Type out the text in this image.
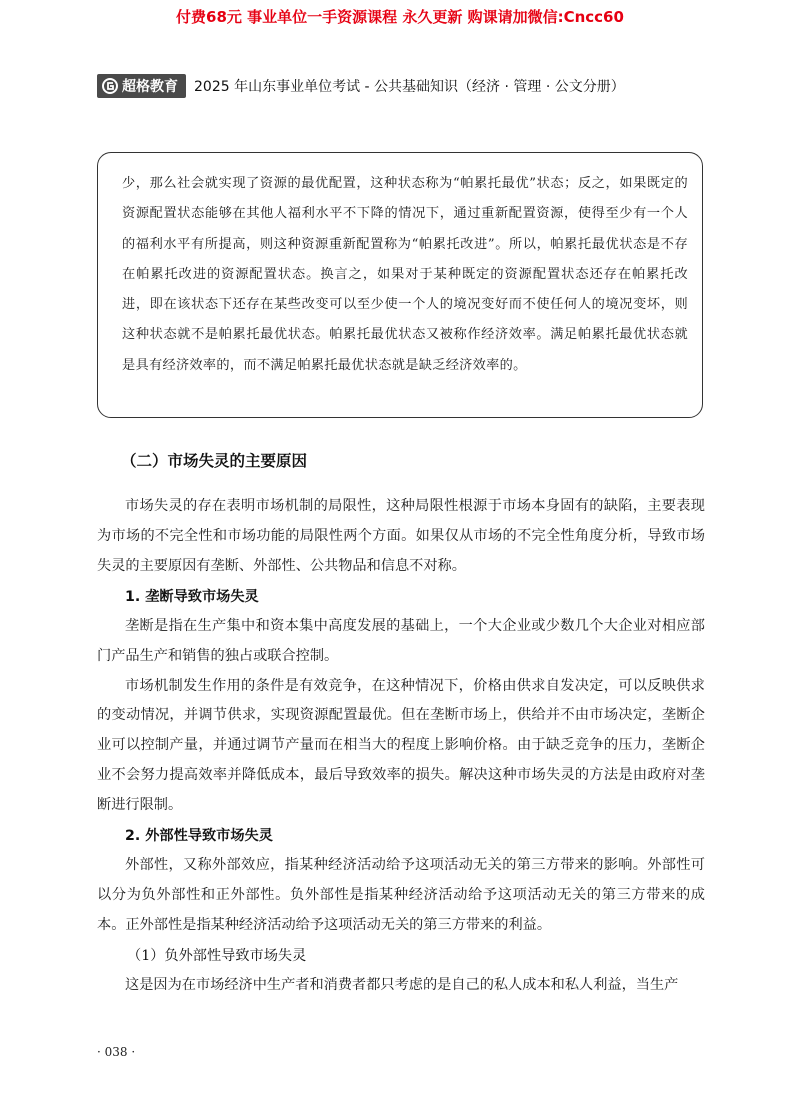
付费68元 事业单位一手资源课程 永久更新 购课请加微信:Cncc60
超格教育 2025 年山东事业单位考试 - 公共基础知识（经济 · 管理 · 公文分册）

少，那么社会就实现了资源的最优配置，这种状态称为“帕累托最优”状态；反之，如果既定的资源配置状态能够在其他人福利水平不下降的情况下，通过重新配置资源，使得至少有一个人的福利水平有所提高，则这种资源重新配置称为“帕累托改进”。所以，帕累托最优状态是不存在帕累托改进的资源配置状态。换言之，如果对于某种既定的资源配置状态还存在帕累托改进，即在该状态下还存在某些改变可以至少使一个人的境况变好而不使任何人的境况变坏，则这种状态就不是帕累托最优状态。帕累托最优状态又被称作经济效率。满足帕累托最优状态就是具有经济效率的，而不满足帕累托最优状态就是缺乏经济效率的。

（二）市场失灵的主要原因

市场失灵的存在表明市场机制的局限性，这种局限性根源于市场本身固有的缺陷，主要表现为市场的不完全性和市场功能的局限性两个方面。如果仅从市场的不完全性角度分析，导致市场失灵的主要原因有垄断、外部性、公共物品和信息不对称。

1. 垄断导致市场失灵

垄断是指在生产集中和资本集中高度发展的基础上，一个大企业或少数几个大企业对相应部门产品生产和销售的独占或联合控制。

市场机制发生作用的条件是有效竞争，在这种情况下，价格由供求自发决定，可以反映供求的变动情况，并调节供求，实现资源配置最优。但在垄断市场上，供给并不由市场决定，垄断企业可以控制产量，并通过调节产量而在相当大的程度上影响价格。由于缺乏竞争的压力，垄断企业不会努力提高效率并降低成本，最后导致效率的损失。解决这种市场失灵的方法是由政府对垄断进行限制。

2. 外部性导致市场失灵

外部性，又称外部效应，指某种经济活动给予这项活动无关的第三方带来的影响。外部性可以分为负外部性和正外部性。负外部性是指某种经济活动给予这项活动无关的第三方带来的成本。正外部性是指某种经济活动给予这项活动无关的第三方带来的利益。

（1）负外部性导致市场失灵

这是因为在市场经济中生产者和消费者都只考虑的是自己的私人成本和私人利益，当生产

· 038 ·
